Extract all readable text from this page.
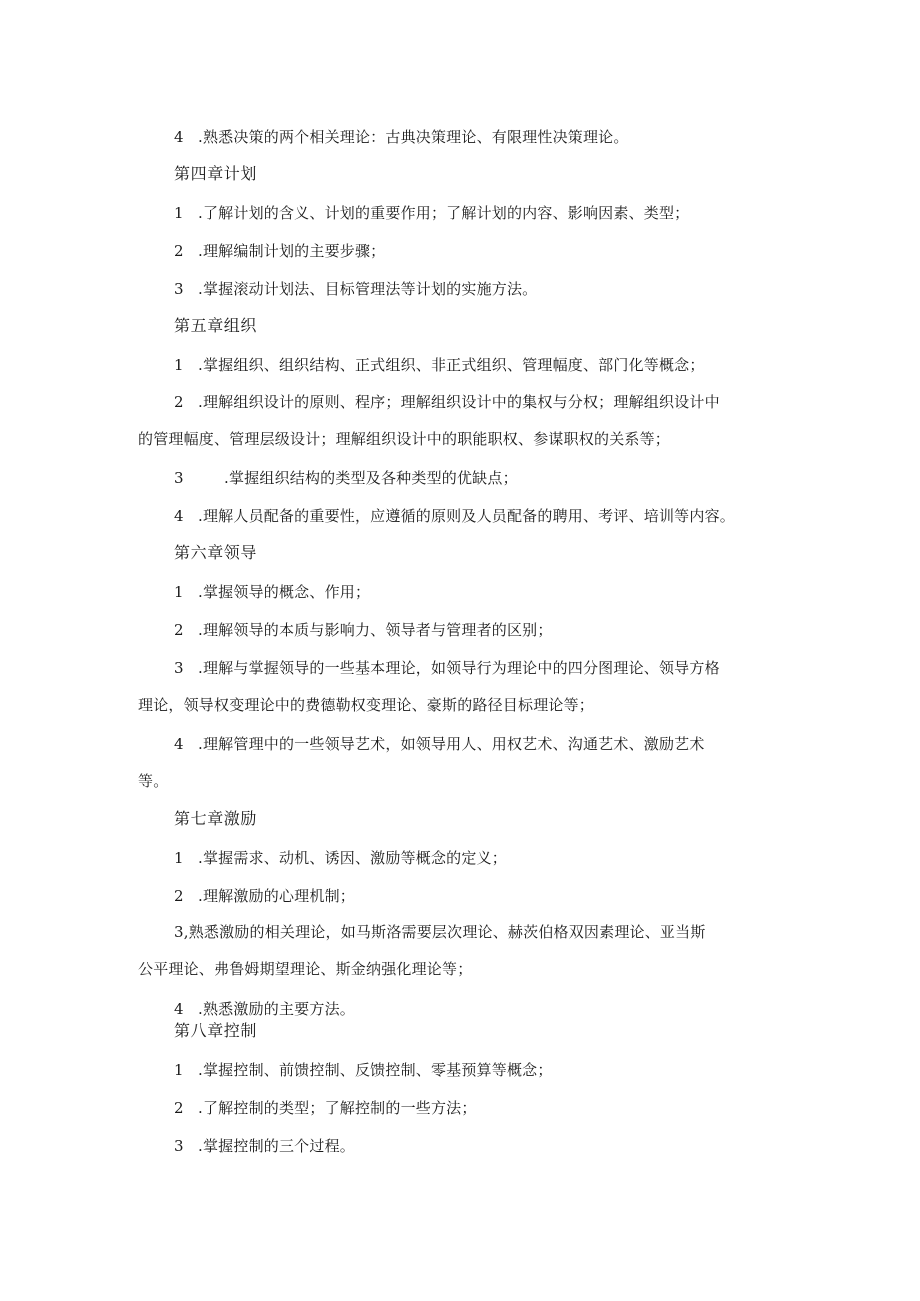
4 .熟悉决策的两个相关理论：古典决策理论、有限理性决策理论。
第四章计划
1 .了解计划的含义、计划的重要作用；了解计划的内容、影响因素、类型；
2 .理解编制计划的主要步骤；
3 .掌握滚动计划法、目标管理法等计划的实施方法。
第五章组织
1 .掌握组织、组织结构、正式组织、非正式组织、管理幅度、部门化等概念；
2 .理解组织设计的原则、程序；理解组织设计中的集权与分权；理解组织设计中
的管理幅度、管理层级设计；理解组织设计中的职能职权、参谋职权的关系等；
3	.掌握组织结构的类型及各种类型的优缺点；
4 .理解人员配备的重要性，应遵循的原则及人员配备的聘用、考评、培训等内容。
第六章领导
1 .掌握领导的概念、作用；
2 .理解领导的本质与影响力、领导者与管理者的区别；
3 .理解与掌握领导的一些基本理论，如领导行为理论中的四分图理论、领导方格
理论，领导权变理论中的费德勒权变理论、豪斯的路径目标理论等；
4 .理解管理中的一些领导艺术，如领导用人、用权艺术、沟通艺术、激励艺术
等。
第七章激励
1 .掌握需求、动机、诱因、激励等概念的定义；
2 .理解激励的心理机制；
3,熟悉激励的相关理论，如马斯洛需要层次理论、赫茨伯格双因素理论、亚当斯
公平理论、弗鲁姆期望理论、斯金纳强化理论等；
4 .熟悉激励的主要方法。
第八章控制
1 .掌握控制、前馈控制、反馈控制、零基预算等概念；
2 .了解控制的类型；了解控制的一些方法；
3 .掌握控制的三个过程。
